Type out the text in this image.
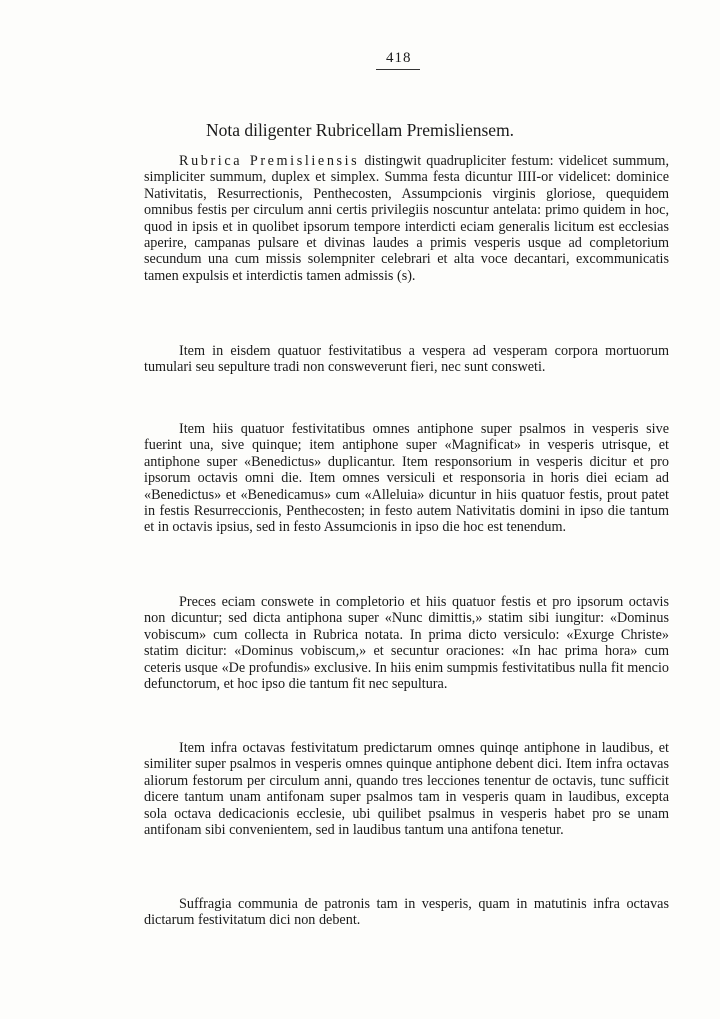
418
Nota diligenter Rubricellam Premisliensem.

Rubrica Premisliensis distingwit quadrupliciter festum: videlicet summum, simpliciter summum, duplex et simplex. Summa festa dicuntur IIII-or videlicet: dominice Nativitatis, Resurrectionis, Penthecosten, Assumpcionis virginis gloriose, quequidem omnibus festis per circulum anni certis privilegiis noscuntur antelata: primo quidem in hoc, quod in ipsis et in quolibet ipsorum tempore interdicti eciam generalis licitum est ecclesias aperire, campanas pulsare et divinas laudes a primis vesperis usque ad completorium secundum una cum missis solempniter celebrari et alta voce decantari, excommunicatis tamen expulsis et interdictis tamen admissis (s).

Item in eisdem quatuor festivitatibus a vespera ad vesperam corpora mortuorum tumulari seu sepulture tradi non consweverunt fieri, nec sunt consweti.

Item hiis quatuor festivitatibus omnes antiphone super psalmos in vesperis sive fuerint una, sive quinque; item antiphone super «Magnificat» in vesperis utrisque, et antiphone super «Benedictus» duplicantur. Item responsorium in vesperis dicitur et pro ipsorum octavis omni die. Item omnes versiculi et responsoria in horis diei eciam ad «Benedictus» et «Benedicamus» cum «Alleluia» dicuntur in hiis quatuor festis, prout patet in festis Resurreccionis, Penthecosten; in festo autem Nativitatis domini in ipso die tantum et in octavis ipsius, sed in festo Assumcionis in ipso die hoc est tenendum.

Preces eciam conswete in completorio et hiis quatuor festis et pro ipsorum octavis non dicuntur; sed dicta antiphona super «Nunc dimittis,» statim sibi iungitur: «Dominus vobiscum» cum collecta in Rubrica notata. In prima dicto versiculo: «Exurge Christe» statim dicitur: «Dominus vobiscum,» et secuntur oraciones: «In hac prima hora» cum ceteris usque «De profundis» exclusive. In hiis enim sumpmis festivitatibus nulla fit mencio defunctorum, et hoc ipso die tantum fit nec sepultura.

Item infra octavas festivitatum predictarum omnes quinqe antiphone in laudibus, et similiter super psalmos in vesperis omnes quinque antiphone debent dici. Item infra octavas aliorum festorum per circulum anni, quando tres lecciones tenentur de octavis, tunc sufficit dicere tantum unam antifonam super psalmos tam in vesperis quam in laudibus, excepta sola octava dedicacionis ecclesie, ubi quilibet psalmus in vesperis habet pro se unam antifonam sibi convenientem, sed in laudibus tantum una antifona tenetur.

Suffragia communia de patronis tam in vesperis, quam in matutinis infra octavas dictarum festivitatum dici non debent.
